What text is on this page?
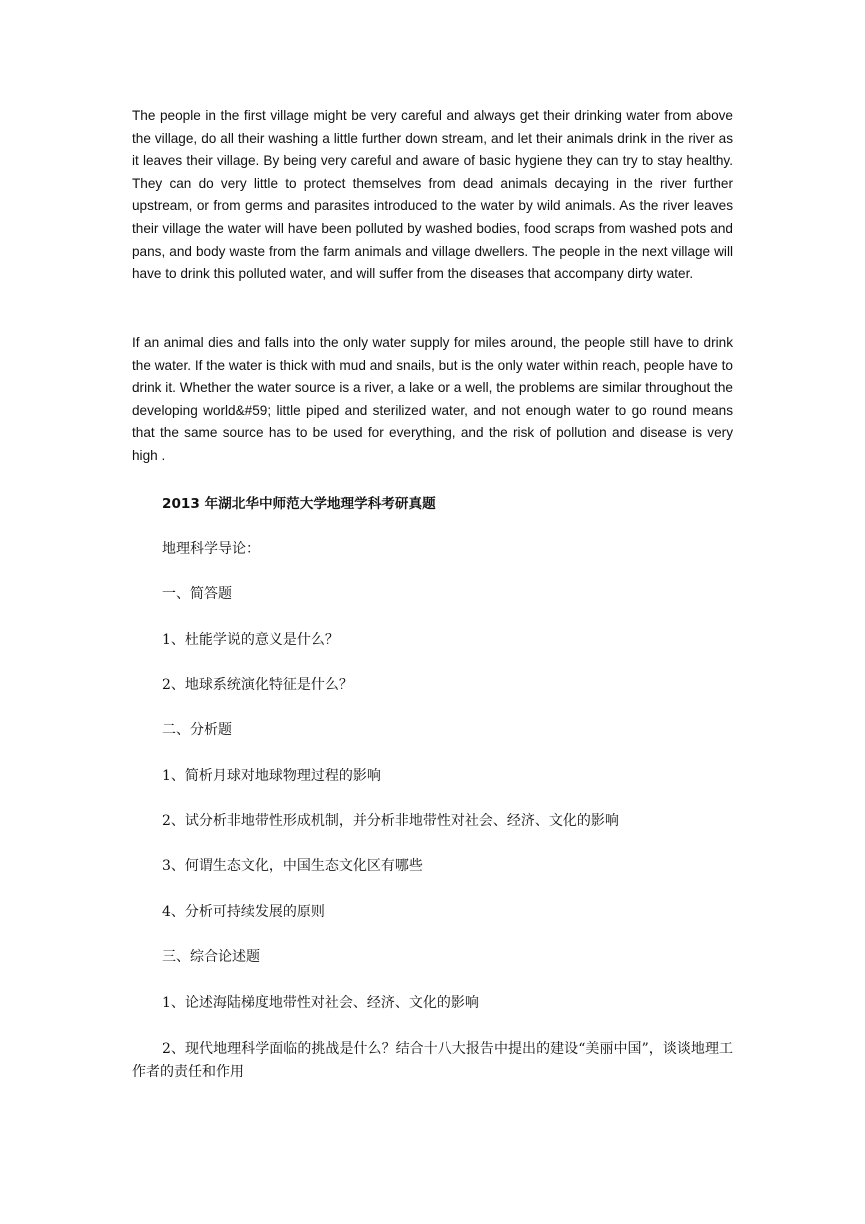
The people in the first village might be very careful and always get their drinking water from above the village, do all their washing a little further down stream, and let their animals drink in the river as it leaves their village. By being very careful and aware of basic hygiene they can try to stay healthy. They can do very little to protect themselves from dead animals decaying in the river further upstream, or from germs and parasites introduced to the water by wild animals. As the river leaves their village the water will have been polluted by washed bodies, food scraps from washed pots and pans, and body waste from the farm animals and village dwellers. The people in the next village will have to drink this polluted water, and will suffer from the diseases that accompany dirty water.

If an animal dies and falls into the only water supply for miles around, the people still have to drink the water. If the water is thick with mud and snails, but is the only water within reach, people have to drink it. Whether the water source is a river, a lake or a well, the problems are similar throughout the developing world&#59; little piped and sterilized water, and not enough water to go round means that the same source has to be used for everything, and the risk of pollution and disease is very high .

2013 年湖北华中师范大学地理学科考研真题

地理科学导论：

一、简答题

1、杜能学说的意义是什么？

2、地球系统演化特征是什么？

二、分析题

1、简析月球对地球物理过程的影响

2、试分析非地带性形成机制，并分析非地带性对社会、经济、文化的影响

3、何谓生态文化，中国生态文化区有哪些

4、分析可持续发展的原则

三、综合论述题

1、论述海陆梯度地带性对社会、经济、文化的影响

2、现代地理科学面临的挑战是什么？结合十八大报告中提出的建设“美丽中国”，谈谈地理工作者的责任和作用
